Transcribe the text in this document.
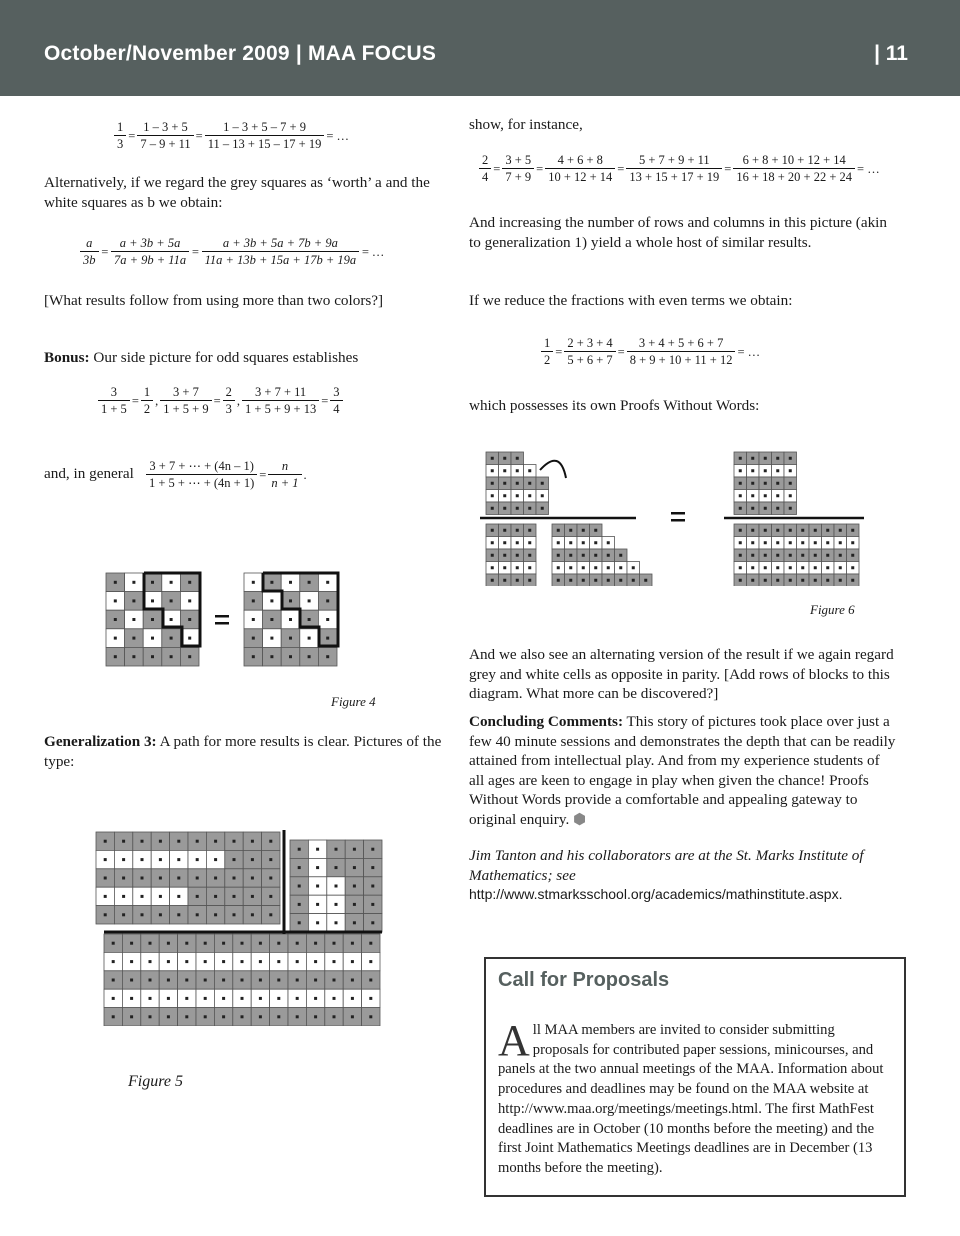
October/November 2009 | MAA FOCUS	| 11
$\frac{1}{3} = \frac{1 - 3 + 5}{7 - 9 + 11} = \frac{1 - 3 + 5 - 7 + 9}{11 - 13 + 15 - 17 + 19}$ = …
Alternatively, if we regard the grey squares as ‘worth’ a and the white squares as b we obtain:
$\frac{a}{3b} = \frac{a + 3b + 5a}{7a + 9b + 11a} = \frac{a + 3b + 5a + 7b + 9a}{11a + 13b + 15a + 17b + 19a}$ = …
[What results follow from using more than two colors?]
Bonus: Our side picture for odd squares establishes
$\frac{3}{1 + 5} = \frac{1}{2}$ , $\frac{3 + 7}{1 + 5 + 9} = \frac{2}{3}$ , $\frac{3 + 7 + 11}{1 + 5 + 9 + 13} = \frac{3}{4}$
and, in general $\frac{3 + 7 + \cdots + (4n - 1)}{1 + 5 + \cdots + (4n + 1)} = \frac{n}{n + 1}$ .
Figure 4
Generalization 3: A path for more results is clear. Pictures of the type:
Figure 5
show, for instance,
$\frac{2}{4} = \frac{3 + 5}{7 + 9} = \frac{4 + 6 + 8}{10 + 12 + 14} = \frac{5 + 7 + 9 + 11}{13 + 15 + 17 + 19} = \frac{6 + 8 + 10 + 12 + 14}{16 + 18 + 20 + 22 + 24}$ = …
And increasing the number of rows and columns in this picture (akin to generalization 1) yield a whole host of similar results.
If we reduce the fractions with even terms we obtain:
$\frac{1}{2} = \frac{2 + 3 + 4}{5 + 6 + 7} = \frac{3 + 4 + 5 + 6 + 7}{8 + 9 + 10 + 11 + 12}$ = …
which possesses its own Proofs Without Words:
Figure 6
And we also see an alternating version of the result if we again regard grey and white cells as opposite in parity. [Add rows of blocks to this diagram. What more can be discovered?]
Concluding Comments: This story of pictures took place over just a few 40 minute sessions and demonstrates the depth that can be readily attained from intellectual play. And from my experience students of all ages are keen to engage in play when given the chance! Proofs Without Words provide a comfortable and appealing gateway to original enquiry. ⬢
Jim Tanton and his collaborators are at the St. Marks Institute of Mathematics; see http://www.stmarksschool.org/academics/mathinstitute.aspx.
Call for Proposals
All MAA members are invited to consider submitting proposals for contributed paper sessions, minicourses, and panels at the two annual meetings of the MAA. Information about procedures and deadlines may be found on the MAA website at http://www.maa.org/meetings/meetings.html. The first MathFest deadlines are in October (10 months before the meeting) and the first Joint Mathematics Meetings deadlines are in December (13 months before the meeting).
